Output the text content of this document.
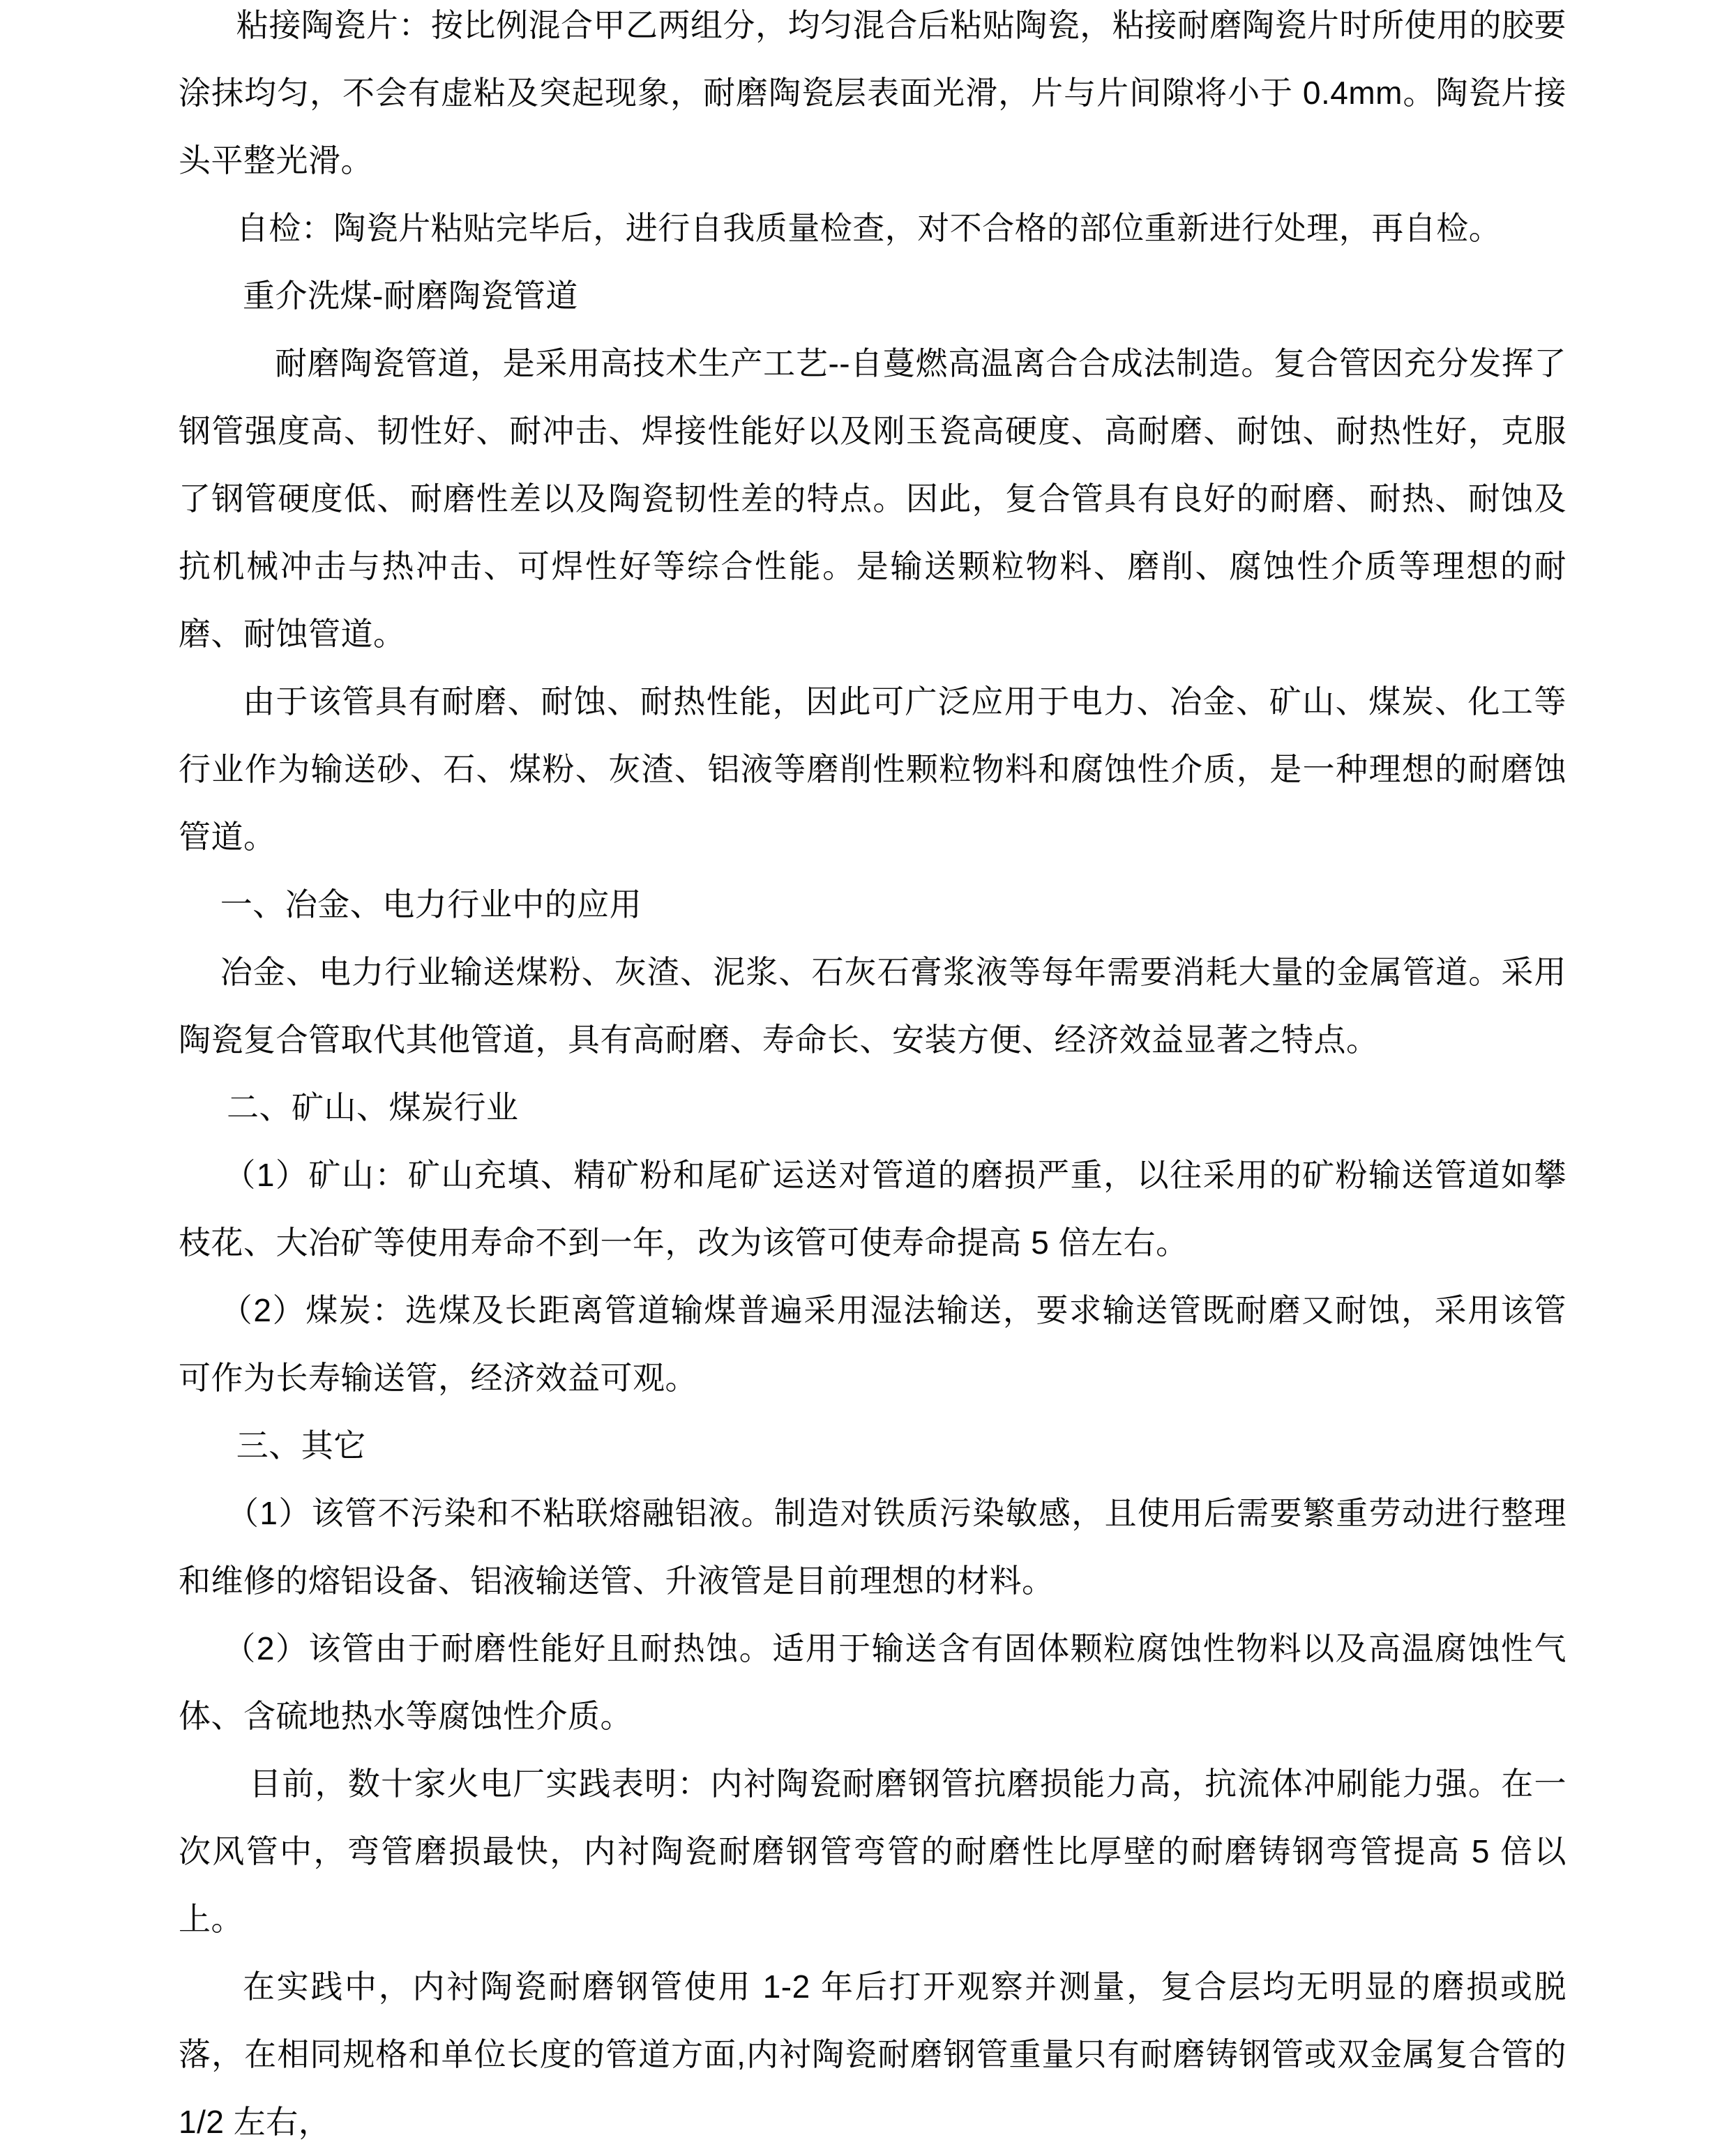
粘接陶瓷片：按比例混合甲乙两组分，均匀混合后粘贴陶瓷，粘接耐磨陶瓷片时所使用的胶要涂抹均匀，不会有虚粘及突起现象，耐磨陶瓷层表面光滑，片与片间隙将小于 0.4mm。陶瓷片接头平整光滑。

自检：陶瓷片粘贴完毕后，进行自我质量检查，对不合格的部位重新进行处理，再自检。

重介洗煤-耐磨陶瓷管道

耐磨陶瓷管道，是采用高技术生产工艺--自蔓燃高温离合合成法制造。复合管因充分发挥了钢管强度高、韧性好、耐冲击、焊接性能好以及刚玉瓷高硬度、高耐磨、耐蚀、耐热性好，克服了钢管硬度低、耐磨性差以及陶瓷韧性差的特点。因此，复合管具有良好的耐磨、耐热、耐蚀及抗机械冲击与热冲击、可焊性好等综合性能。是输送颗粒物料、磨削、腐蚀性介质等理想的耐磨、耐蚀管道。

由于该管具有耐磨、耐蚀、耐热性能，因此可广泛应用于电力、冶金、矿山、煤炭、化工等行业作为输送砂、石、煤粉、灰渣、铝液等磨削性颗粒物料和腐蚀性介质，是一种理想的耐磨蚀管道。

一、冶金、电力行业中的应用

冶金、电力行业输送煤粉、灰渣、泥浆、石灰石膏浆液等每年需要消耗大量的金属管道。采用陶瓷复合管取代其他管道，具有高耐磨、寿命长、安装方便、经济效益显著之特点。

二、矿山、煤炭行业

（1）矿山：矿山充填、精矿粉和尾矿运送对管道的磨损严重，以往采用的矿粉输送管道如攀枝花、大冶矿等使用寿命不到一年，改为该管可使寿命提高 5 倍左右。

（2）煤炭：选煤及长距离管道输煤普遍采用湿法输送，要求输送管既耐磨又耐蚀，采用该管可作为长寿输送管，经济效益可观。

三、其它

（1）该管不污染和不粘联熔融铝液。制造对铁质污染敏感，且使用后需要繁重劳动进行整理和维修的熔铝设备、铝液输送管、升液管是目前理想的材料。

（2）该管由于耐磨性能好且耐热蚀。适用于输送含有固体颗粒腐蚀性物料以及高温腐蚀性气体、含硫地热水等腐蚀性介质。

目前，数十家火电厂实践表明：内衬陶瓷耐磨钢管抗磨损能力高，抗流体冲刷能力强。在一次风管中，弯管磨损最快，内衬陶瓷耐磨钢管弯管的耐磨性比厚壁的耐磨铸钢弯管提高 5 倍以上。

在实践中，内衬陶瓷耐磨钢管使用 1-2 年后打开观察并测量，复合层均无明显的磨损或脱落，在相同规格和单位长度的管道方面,内衬陶瓷耐磨钢管重量只有耐磨铸钢管或双金属复合管的 1/2 左右，
